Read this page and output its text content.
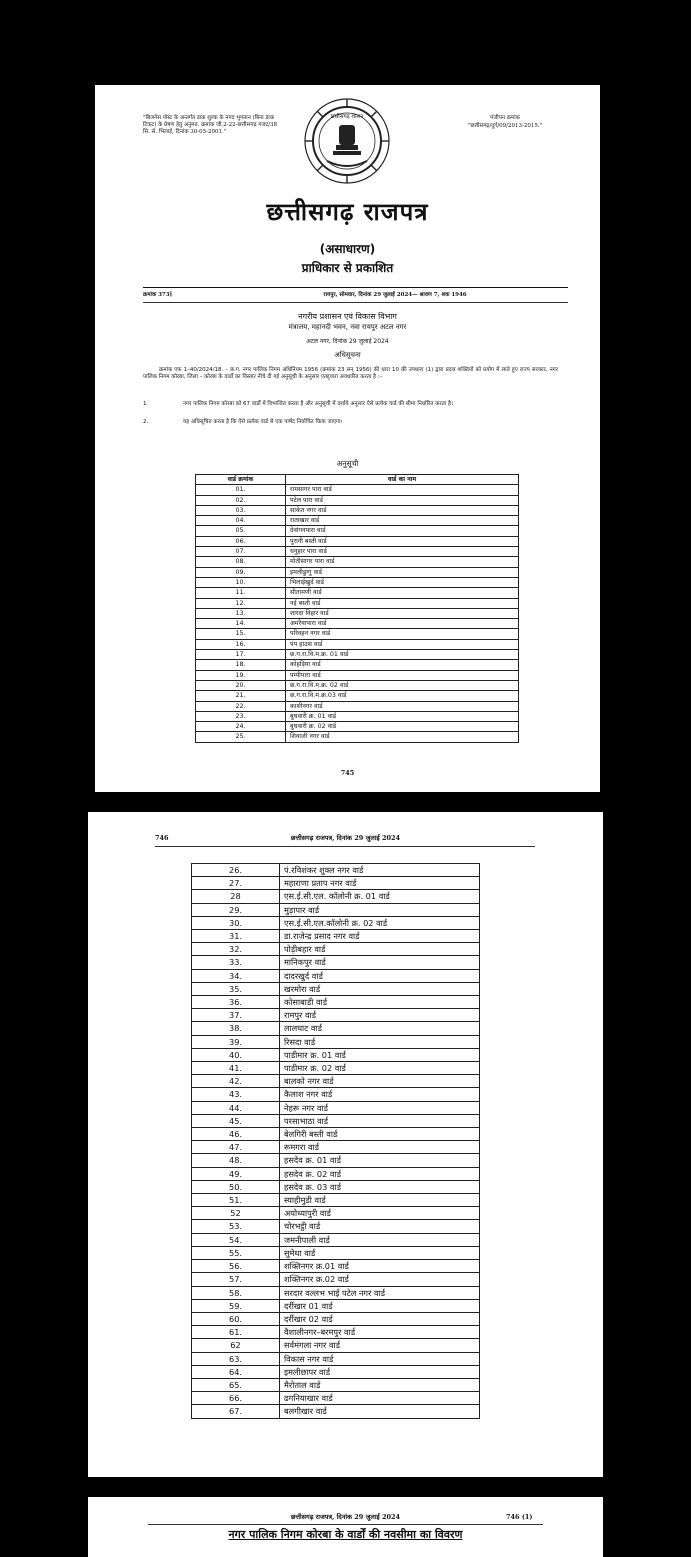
"बिजनेस पोस्ट के अन्तर्गत डाक शुल्क के नगद भुगतान (बिना डाक टिकट) के प्रेषण हेतु अनुमत. क्रमांक जी.2-22-छत्तीसगढ़ गजट/38 सि. से. भिलाई, दिनांक 30-05-2001."
छत्तीसगढ़ शासन	पंजीयन क्रमांक
"छत्तीसगढ़/दुर्ग/09/2013-2015."
छत्तीसगढ़ राजपत्र
(असाधारण)
प्राधिकार से प्रकाशित
क्रमांक 373]	रायपुर, सोमवार, दिनांक 29 जुलाई 2024— श्रावण 7, शक 1946
नगरीय प्रशासन एवं विकास विभाग
मंत्रालय, महानदी भवन, नवा रायपुर अटल नगर
अटल नगर, दिनांक 29 जुलाई 2024
अधिसूचना
क्रमांक एफ 1–40/2024/18. – छ.ग. नगर पालिक निगम अधिनियम 1956 (क्रमांक 23 सन् 1956) की धारा 10 की उपधारा (1) द्वारा प्रदत्त शक्तियों को प्रयोग में लाते हुए राज्य सरकार, नगर पालिक निगम कोरबा, जिला – कोरबा के वार्डों का विस्तार नीचे दी गई अनुसूची के अनुसार एतद्द्वारा अवधारित करता है :–
1.	नगर पालिक निगम कोरबा को 67 वार्डों में विभाजित करता है और अनुसूची में दर्शाये अनुसार ऐसे प्रत्येक वार्ड की सीमा निर्धारित करता है।
2.	यह अधिसूचित करता है कि ऐसे प्रत्येक वार्ड से एक पार्षद निर्वाचित किया जाएगा।
अनुसूची
वार्ड क्रमांक	वार्ड का नाम
01.	रामसागर पारा वार्ड
02.	पटेल पारा वार्ड
03.	साकेत नगर वार्ड
04.	राताखार वार्ड
05.	देवांगनपारा वार्ड
06.	पुरानी बस्ती वार्ड
07.	धनुहार पारा वार्ड
08.	मोतीसागर पारा वार्ड
09.	इमलीडुग्गु वार्ड
10.	भिलाईखुर्द वार्ड
11.	सीतामणी वार्ड
12.	नई बस्ती वार्ड
13.	शारदा विहार वार्ड
14.	अमरैयापारा वार्ड
15.	परिवहन नगर वार्ड
16.	पंप हाउस वार्ड
17.	छ.ग.रा.वि.म.क्र. 01 वार्ड
18.	कोहड़िया वार्ड
19.	पम्पीपारा वार्ड
20.	छ.ग.रा.वि.म.क्र. 02 वार्ड
21.	छ.ग.रा.वि.म.क्र.03 वार्ड
22.	काशीनगर वार्ड
23.	बुधवारी क्र. 01 वार्ड
24.	बुधवारी क्र. 02 वार्ड
25.	शिवाजी नगर वार्ड
745
746	छत्तीसगढ़ राजपत्र, दिनांक 29 जुलाई 2024
26.	पं.रविशंकर शुक्ल नगर वार्ड
27.	महाराणा प्रताप नगर वार्ड
28	एस.ई.सी.एल. कॉलोनी क्र. 01 वार्ड
29.	मुड़ापार वार्ड
30.	एस.ई.सी.एल.कॉलोनी क्र. 02 वार्ड
31.	डा.राजेन्द्र प्रसाद नगर वार्ड
32.	पोड़ीबहार वार्ड
33.	मानिकपुर वार्ड
34.	दादरखुर्द वार्ड
35.	खरमोरा वार्ड
36.	कोसाबाडी वार्ड
37.	रामपुर वार्ड
38.	लालघाट वार्ड
39.	रिसदा वार्ड
40.	पाडीमार क्र. 01 वार्ड
41.	पाडीमार क्र. 02 वार्ड
42.	बालको नगर वार्ड
43.	कैलाश नगर वार्ड
44.	नेहरू नगर वार्ड
45.	परसाभाठा वार्ड
46.	बेलगिरी बस्ती वार्ड
47.	रूमगरा वार्ड
48.	हसदेव क्र. 01 वार्ड
49.	हसदेव क्र. 02 वार्ड
50.	हसदेव क्र. 03 वार्ड
51.	स्याहीमुडी वार्ड
52	अयोध्यापुरी वार्ड
53.	चोरभट्ठी वार्ड
54.	जमनीपाली वार्ड
55.	सुमेधा वार्ड
56.	शक्तिनगर क्र.01 वार्ड
57.	शक्तिनगर क्र.02 वार्ड
58.	सरदार वल्लभ भाई पटेल नगर वार्ड
59.	दर्रीखार 01 वार्ड
60.	दर्रीखार 02 वार्ड
61.	वैशालीनगर–बरमपुर वार्ड
62	सर्वमंगला नगर वार्ड
63.	विकास नगर वार्ड
64.	इमलीछापर वार्ड
65.	मैरोताल वार्ड
66.	ढगनियाखार वार्ड
67.	बलगीखार वार्ड
छत्तीसगढ़ राजपत्र, दिनांक 29 जुलाई 2024	746 (1)
नगर पालिक निगम कोरबा के वार्डों की नवसीमा का विवरण
